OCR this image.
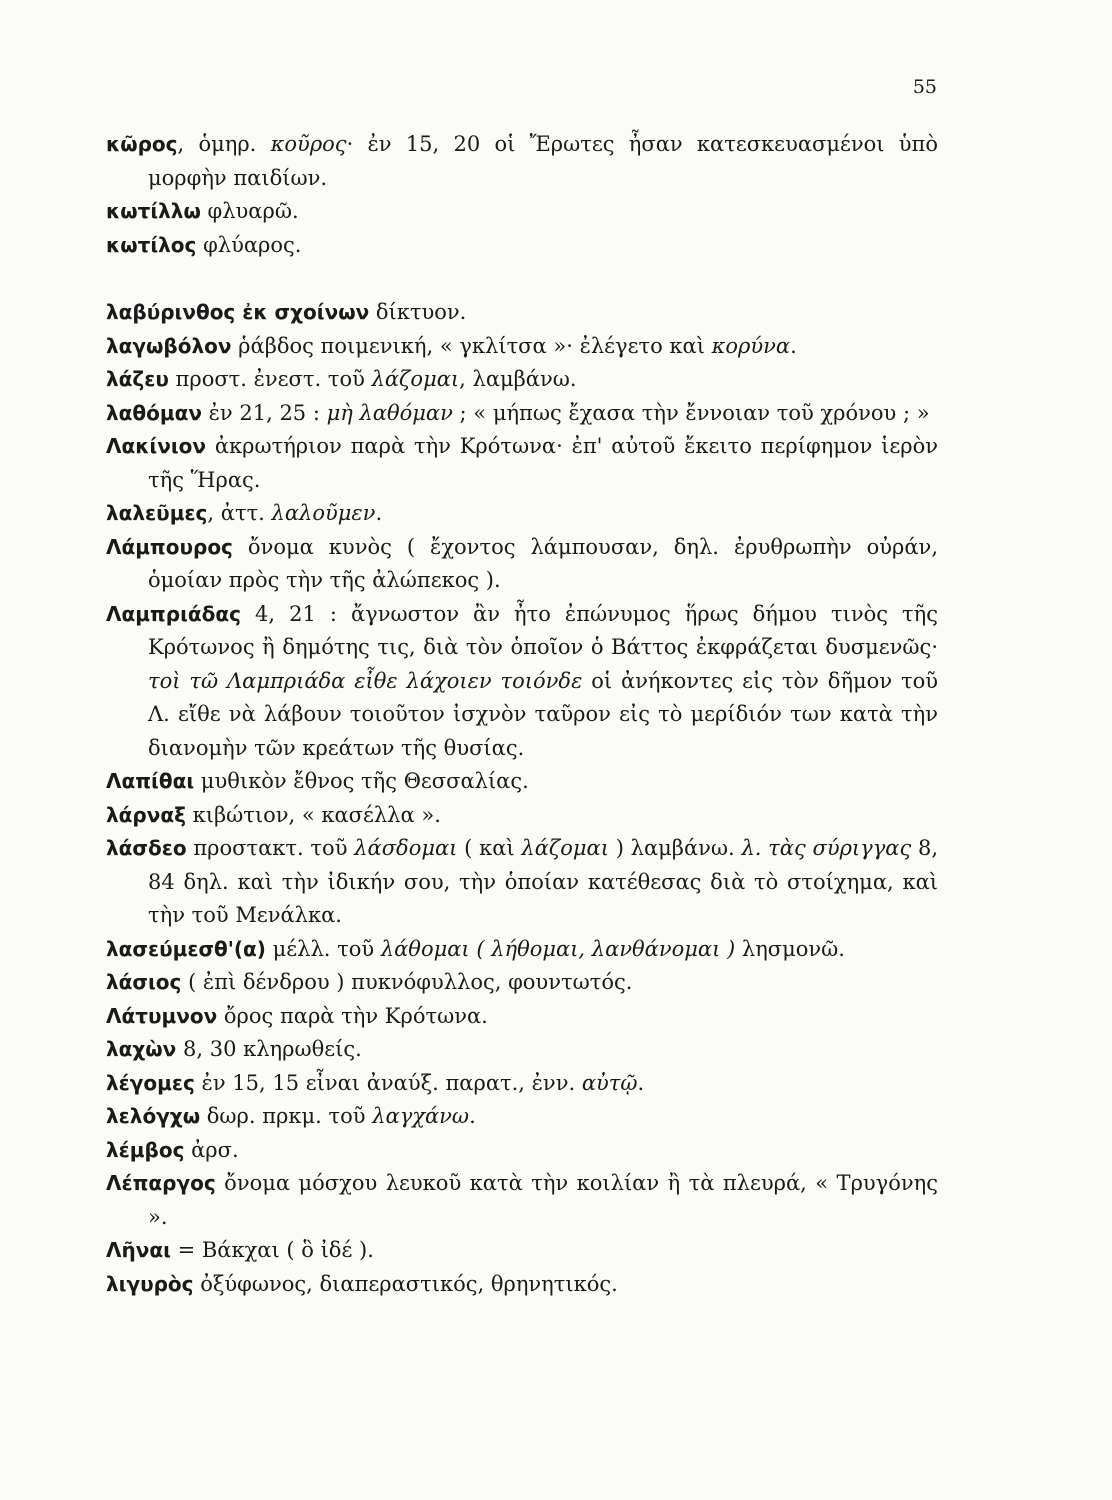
55
κῶρος, ὁμηρ. κοῦρος· ἐν 15, 20 οἱ Ἔρωτες ἦσαν κατεσκευασμένοι ὑπὸ μορφὴν παιδίων.
κωτίλλω φλυαρῶ.
κωτίλος φλύαρος.
λαβύρινθος ἐκ σχοίνων δίκτυον.
λαγωβόλον ῥάβδος ποιμενική, « γκλίτσα »· ἐλέγετο καὶ κορύνα.
λάζευ προστ. ἐνεστ. τοῦ λάζομαι, λαμβάνω.
λαθόμαν ἐν 21, 25 : μὴ λαθόμαν ; « μήπως ἔχασα τὴν ἔννοιαν τοῦ χρόνου ; »
Λακίνιον ἀκρωτήριον παρὰ τὴν Κρότωνα· ἐπ' αὐτοῦ ἔκειτο περίφημον ἱερὸν τῆς Ἥρας.
λαλεῦμες, ἀττ. λαλοῦμεν.
Λάμπουρος ὄνομα κυνὸς ( ἔχοντος λάμπουσαν, δηλ. ἐρυθρωπὴν οὐράν, ὁμοίαν πρὸς τὴν τῆς ἀλώπεκος ).
Λαμπριάδας 4, 21 : ἄγνωστον ἂν ἦτο ἐπώνυμος ἥρως δήμου τινὸς τῆς Κρότωνος ἢ δημότης τις, διὰ τὸν ὁποῖον ὁ Βάττος ἐκφράζεται δυσμενῶς· τοὶ τῶ Λαμπριάδα εἶθε λάχοιεν τοιόνδε οἱ ἀνήκοντες εἰς τὸν δῆμον τοῦ Λ. εἴθε νὰ λάβουν τοιοῦτον ἰσχνὸν ταῦρον εἰς τὸ μερίδιόν των κατὰ τὴν διανομὴν τῶν κρεάτων τῆς θυσίας.
Λαπίθαι μυθικὸν ἔθνος τῆς Θεσσαλίας.
λάρναξ κιβώτιον, « κασέλλα ».
λάσδεο προστακτ. τοῦ λάσδομαι ( καὶ λάζομαι ) λαμβάνω. λ. τὰς σύριγγας 8, 84 δηλ. καὶ τὴν ἰδικήν σου, τὴν ὁποίαν κατέθεσας διὰ τὸ στοίχημα, καὶ τὴν τοῦ Μενάλκα.
λασεύμεσθ'(α) μέλλ. τοῦ λάθομαι ( λήθομαι, λανθάνομαι ) λησμονῶ.
λάσιος ( ἐπὶ δένδρου ) πυκνόφυλλος, φουντωτός.
Λάτυμνον ὄρος παρὰ τὴν Κρότωνα.
λαχὼν 8, 30 κληρωθείς.
λέγομες ἐν 15, 15 εἶναι ἀναύξ. παρατ., ἐνν. αὐτῷ.
λελόγχω δωρ. πρκμ. τοῦ λαγχάνω.
λέμβος ἀρσ.
Λέπαργος ὄνομα μόσχου λευκοῦ κατὰ τὴν κοιλίαν ἢ τὰ πλευρά, « Τρυγόνης ».
Λῆναι = Βάκχαι ( ὃ ἰδέ ).
λιγυρὸς ὀξύφωνος, διαπεραστικός, θρηνητικός.
